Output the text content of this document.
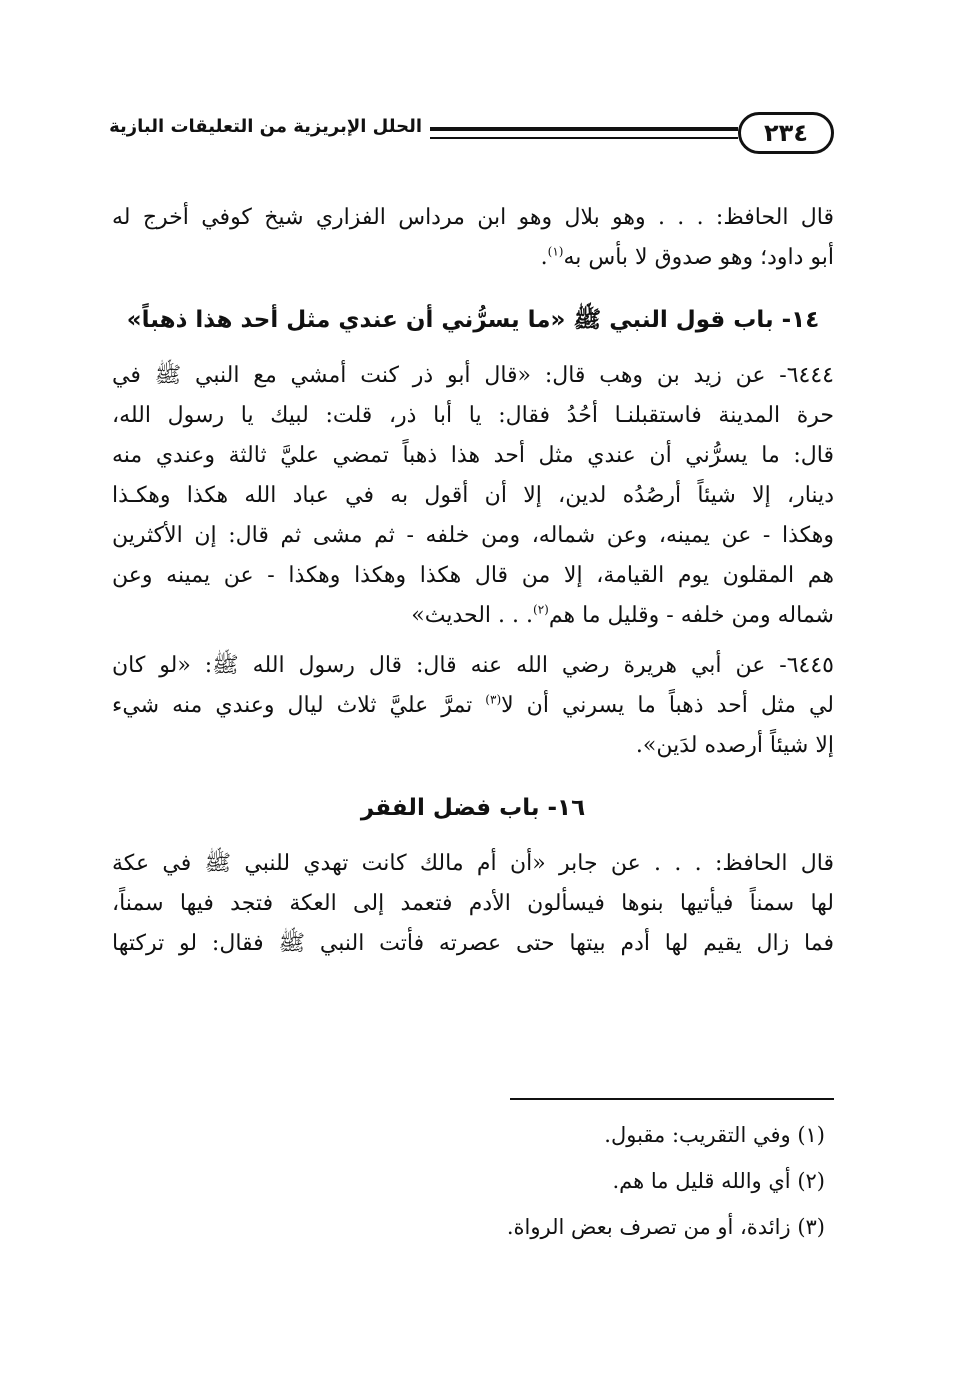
٢٣٤
الحلل الإبريزية من التعليقات البازية

قال الحافظ: . . . وهو بلال وهو ابن مرداس الفزاري شيخ كوفي أخرج له
أبو داود؛ وهو صدوق لا بأس به$^{(١)}$.

١٤- باب قول النبي ﷺ «ما يسرُّني أن عندي مثل أحد هذا ذهباً»

٦٤٤٤- عن زيد بن وهب قال: «قال أبو ذر كنت أمشي مع النبي ﷺ في
حرة المدينة فاستقبلنـا أحُدُ فقال: يا أبا ذر، قلت: لبيك يا رسول الله،
قال: ما يسرُّني أن عندي مثل أحد هذا ذهباً تمضي عليَّ ثالثة وعندي منه
دينار، إلا شيئاً أرصُدُه لدين، إلا أن أقول به في عباد الله هكذا وهكـذا
وهكذا - عن يمينه، وعن شماله، ومن خلفه - ثم مشى ثم قال: إن الأكثرين
هم المقلون يوم القيامة، إلا من قال هكذا وهكذا وهكذا - عن يمينه وعن
شماله ومن خلفه - وقليل ما هم$^{(٢)}$. . . الحديث»

٦٤٤٥- عن أبي هريرة رضي الله عنه قال: قال رسول الله ﷺ: «لو كان
لي مثل أحد ذهباً ما يسرني أن لا$^{(٣)}$ تمرَّ عليَّ ثلاث ليال وعندي منه شيء
إلا شيئاً أرصده لدَين».

١٦- باب فضل الفقر

قال الحافظ: . . . عن جابر «أن أم مالك كانت تهدي للنبي ﷺ في عكة
لها سمناً فيأتيها بنوها فيسألون الأدم فتعمد إلى العكة فتجد فيها سمناً،
فما زال يقيم لها أدم بيتها حتى عصرته فأتت النبي ﷺ فقال: لو تركتها

(١) وفي التقريب: مقبول.
(٢) أي والله قليل ما هم.
(٣) زائدة، أو من تصرف بعض الرواة.
